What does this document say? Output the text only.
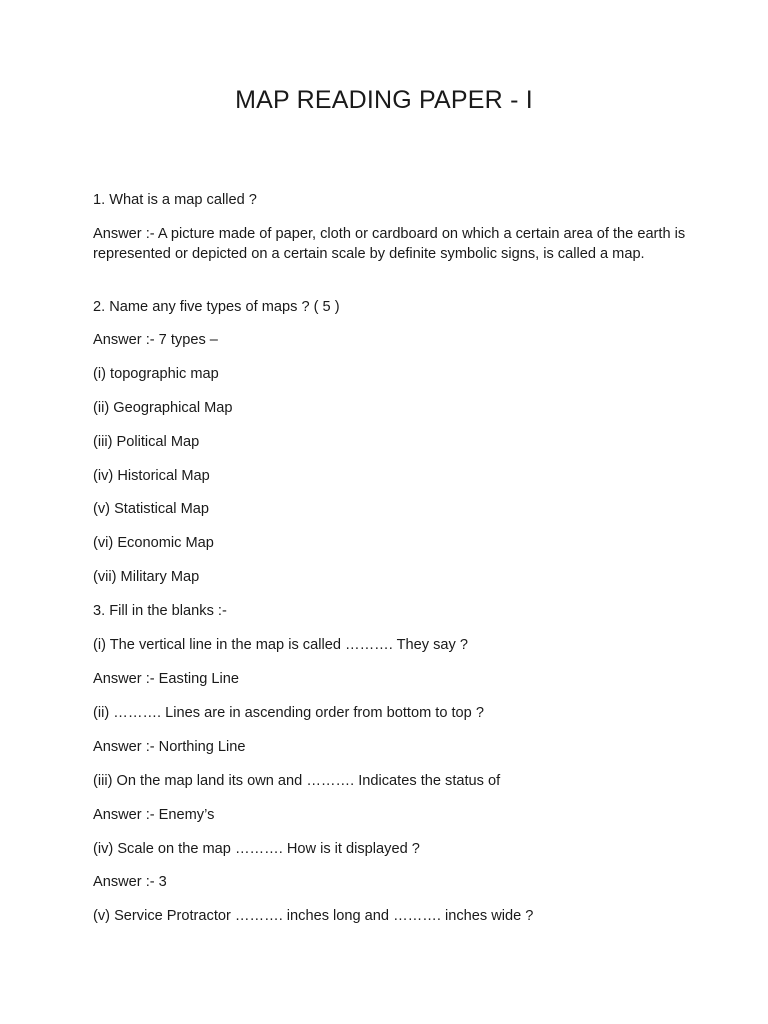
MAP READING PAPER - I

1. What is a map called ?

Answer :- A picture made of paper, cloth or cardboard on which a certain area of the earth is represented or depicted on a certain scale by definite symbolic signs, is called a map.

2. Name any five types of maps ? ( 5 )

Answer :- 7 types –

(i) topographic map

(ii) Geographical Map

(iii) Political Map

(iv) Historical Map

(v) Statistical Map

(vi) Economic Map

(vii) Military Map

3. Fill in the blanks :-

(i) The vertical line in the map is called ………. They say ?

Answer :- Easting Line

(ii) ………. Lines are in ascending order from bottom to top ?

Answer :- Northing Line

(iii) On the map land its own and ………. Indicates the status of

Answer :- Enemy’s

(iv) Scale on the map ………. How is it displayed ?

Answer :- 3

(v) Service Protractor ………. inches long and ………. inches wide ?
